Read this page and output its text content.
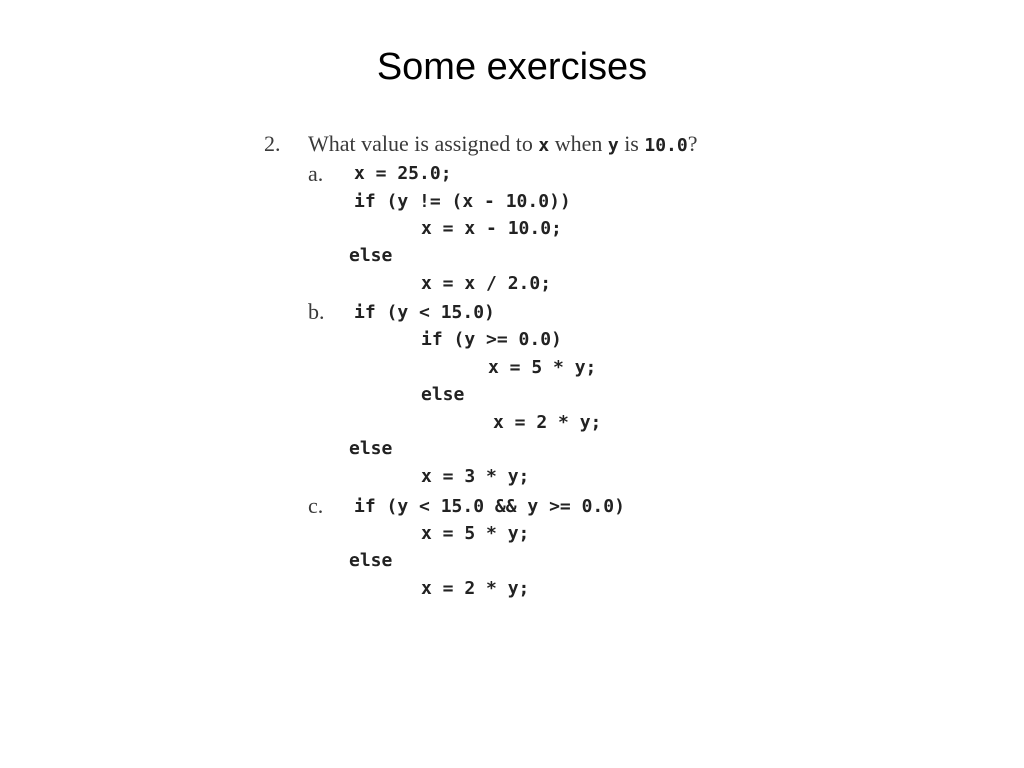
Some exercises
2. What value is assigned to x when y is 10.0?
a. x = 25.0;
if (y != (x - 10.0))
x = x - 10.0;
else
x = x / 2.0;
b. if (y < 15.0)
if (y >= 0.0)
x = 5 * y;
else
x = 2 * y;
else
x = 3 * y;
c. if (y < 15.0 && y >= 0.0)
x = 5 * y;
else
x = 2 * y;
